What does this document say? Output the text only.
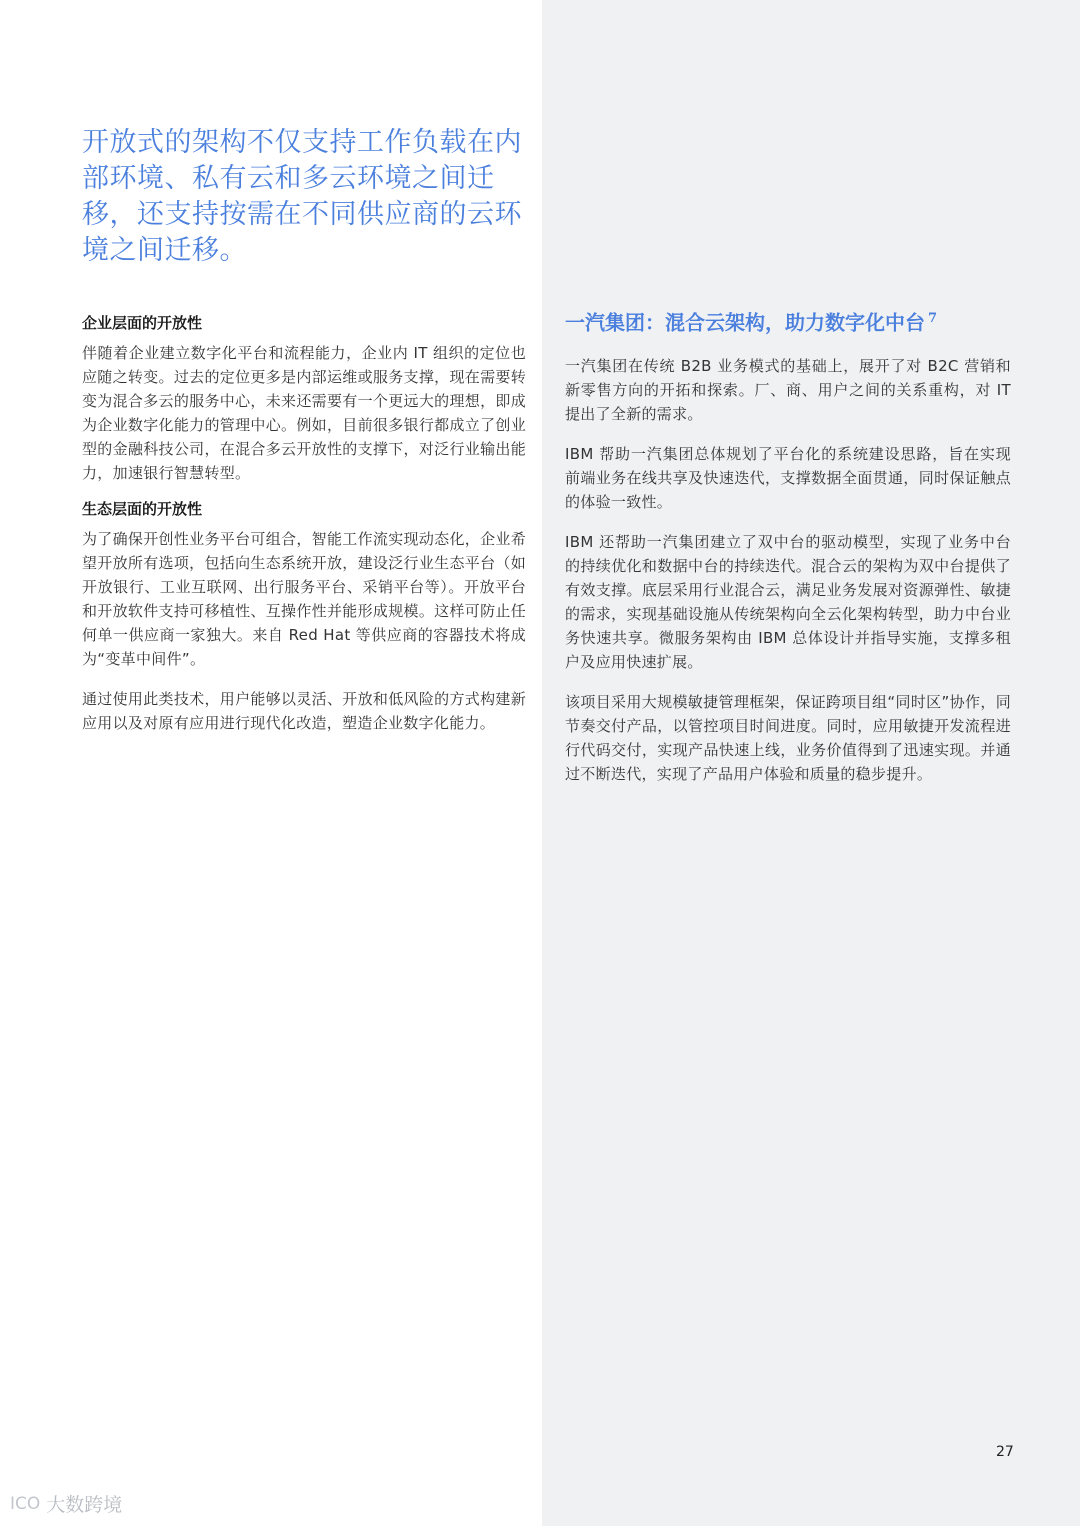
开放式的架构不仅支持工作负载在内部环境、私有云和多云环境之间迁移，还支持按需在不同供应商的云环境之间迁移。
企业层面的开放性

伴随着企业建立数字化平台和流程能力，企业内 IT 组织的定位也应随之转变。过去的定位更多是内部运维或服务支撑，现在需要转变为混合多云的服务中心，未来还需要有一个更远大的理想，即成为企业数字化能力的管理中心。例如，目前很多银行都成立了创业型的金融科技公司，在混合多云开放性的支撑下，对泛行业输出能力，加速银行智慧转型。

生态层面的开放性

为了确保开创性业务平台可组合，智能工作流实现动态化，企业希望开放所有选项，包括向生态系统开放，建设泛行业生态平台（如开放银行、工业互联网、出行服务平台、采销平台等）。开放平台和开放软件支持可移植性、互操作性并能形成规模。这样可防止任何单一供应商一家独大。来自 Red Hat 等供应商的容器技术将成为“变革中间件”。

通过使用此类技术，用户能够以灵活、开放和低风险的方式构建新应用以及对原有应用进行现代化改造，塑造企业数字化能力。

一汽集团：混合云架构，助力数字化中台 $^7$

一汽集团在传统 B2B 业务模式的基础上，展开了对 B2C 营销和新零售方向的开拓和探索。厂、商、用户之间的关系重构，对 IT 提出了全新的需求。

IBM 帮助一汽集团总体规划了平台化的系统建设思路，旨在实现前端业务在线共享及快速迭代，支撑数据全面贯通，同时保证触点的体验一致性。

IBM 还帮助一汽集团建立了双中台的驱动模型，实现了业务中台的持续优化和数据中台的持续迭代。混合云的架构为双中台提供了有效支撑。底层采用行业混合云，满足业务发展对资源弹性、敏捷的需求，实现基础设施从传统架构向全云化架构转型，助力中台业务快速共享。微服务架构由 IBM 总体设计并指导实施，支撑多租户及应用快速扩展。

该项目采用大规模敏捷管理框架，保证跨项目组“同时区”协作，同节奏交付产品，以管控项目时间进度。同时，应用敏捷开发流程进行代码交付，实现产品快速上线，业务价值得到了迅速实现。并通过不断迭代，实现了产品用户体验和质量的稳步提升。

27
ICO 大数跨境
